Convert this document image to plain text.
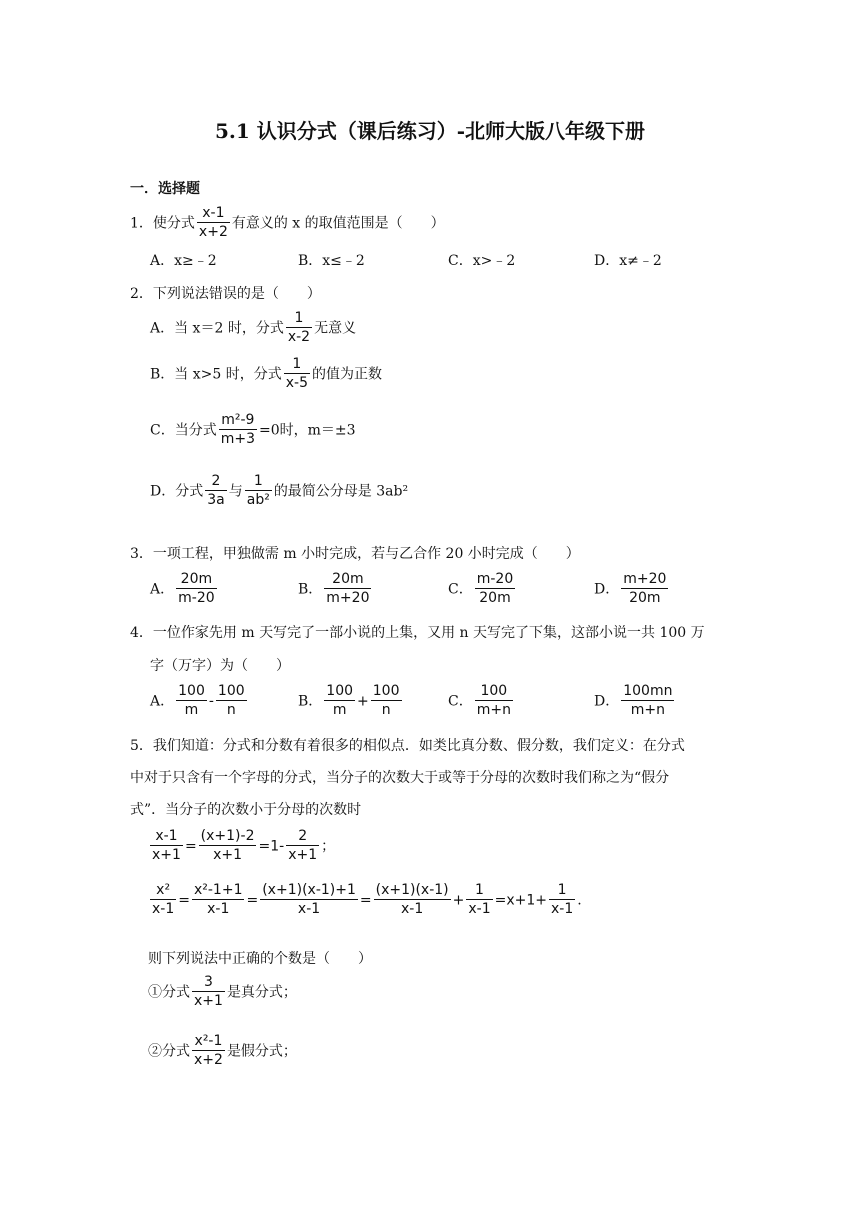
5.1 认识分式（课后练习）-北师大版八年级下册
一．选择题
1．使分式 $\frac{x-1}{x+2}$ 有意义的 x 的取值范围是（　　）
A．x≥﹣2	B．x≤﹣2	C．x>﹣2	D．x≠﹣2
2．下列说法错误的是（　　）
A．当 x＝2 时，分式 $\frac{1}{x-2}$ 无意义
B．当 x>5 时，分式 $\frac{1}{x-5}$ 的值为正数
C．当分式 $\frac{\text{m²-9}}{m+3} =0$时，m＝±3
D．分式 $\frac{2}{3a}$ 与 $\frac{1}{\text{ab²}}$ 的最简公分母是 3ab²
3．一项工程，甲独做需 m 小时完成，若与乙合作 20 小时完成（　　）
A． $\frac{20m}{m-20}$	B． $\frac{20m}{m+20}$	C． $\frac{m-20}{20m}$	D． $\frac{m+20}{20m}$
4．一位作家先用 m 天写完了一部小说的上集，又用 n 天写完了下集，这部小说一共 100 万
字（万字）为（　　）
A． $\frac{100}{m} - \frac{100}{n}$	B． $\frac{100}{m} + \frac{100}{n}$	C． $\frac{100}{m+n}$	D． $\frac{100mn}{m+n}$
5．我们知道：分式和分数有着很多的相似点．如类比真分数、假分数，我们定义：在分式
中对于只含有一个字母的分式，当分子的次数大于或等于分母的次数时我们称之为“假分
式”．当分子的次数小于分母的次数时
$\frac{x-1}{x+1} = \frac{(x+1)-2}{x+1} =1- \frac{2}{x+1}$ ；
$\frac{\text{x²}}{x-1} = \frac{\text{x²-1+1}}{x-1} = \frac{(x+1)(x-1)+1}{x-1} = \frac{(x+1)(x-1)}{x-1} + \frac{1}{x-1} =x+1+ \frac{1}{x-1}$ .
则下列说法中正确的个数是（　　）
①分式 $\frac{3}{x+1}$ 是真分式；
②分式 $\frac{\text{x²-1}}{x+2}$ 是假分式；
